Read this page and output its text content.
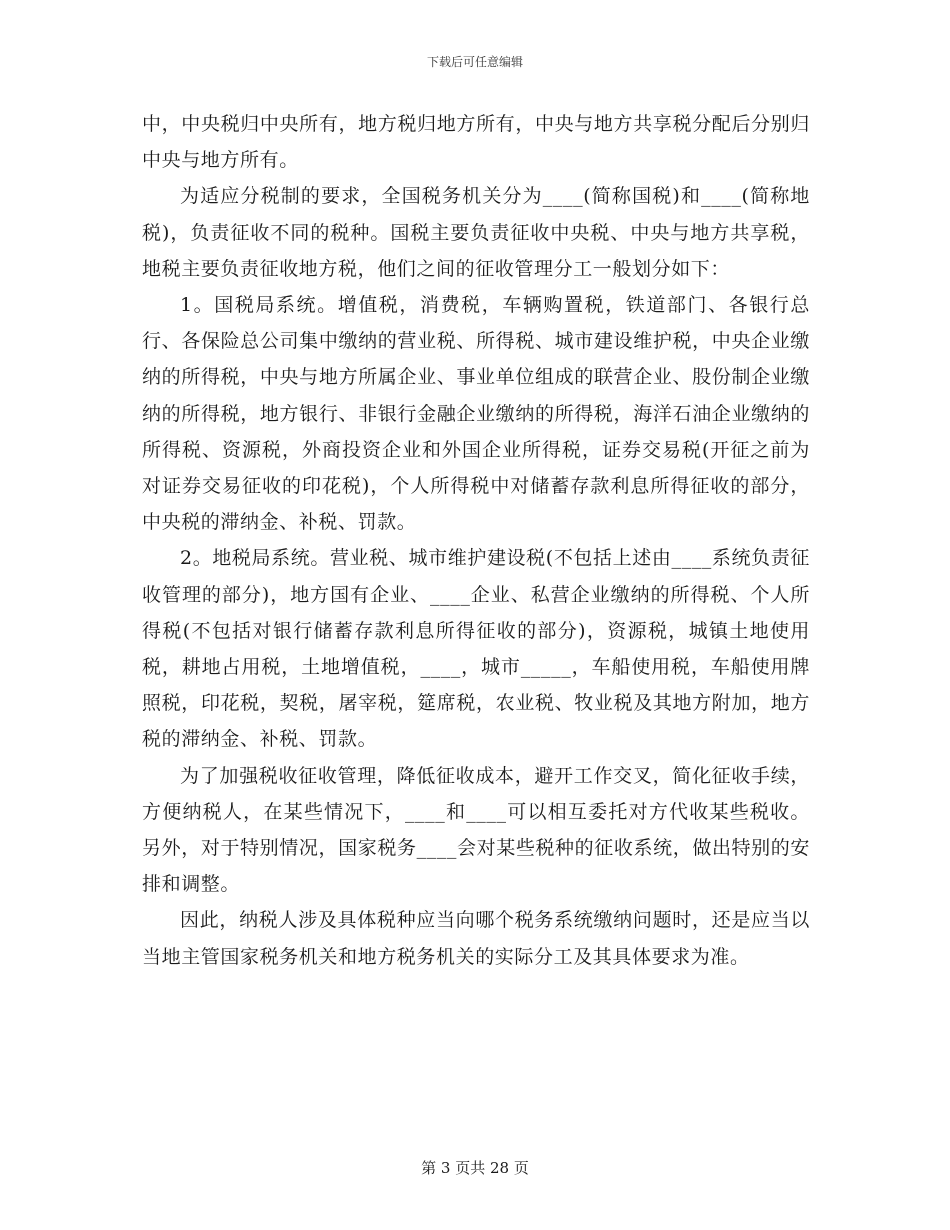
下载后可任意编辑

中，中央税归中央所有，地方税归地方所有，中央与地方共享税分配后分别归中央与地方所有。

为适应分税制的要求，全国税务机关分为____(简称国税)和____(简称地税)，负责征收不同的税种。国税主要负责征收中央税、中央与地方共享税，地税主要负责征收地方税，他们之间的征收管理分工一般划分如下：

1。国税局系统。增值税，消费税，车辆购置税，铁道部门、各银行总行、各保险总公司集中缴纳的营业税、所得税、城市建设维护税，中央企业缴纳的所得税，中央与地方所属企业、事业单位组成的联营企业、股份制企业缴纳的所得税，地方银行、非银行金融企业缴纳的所得税，海洋石油企业缴纳的所得税、资源税，外商投资企业和外国企业所得税，证券交易税(开征之前为对证券交易征收的印花税)，个人所得税中对储蓄存款利息所得征收的部分，中央税的滞纳金、补税、罚款。

2。地税局系统。营业税、城市维护建设税(不包括上述由____系统负责征收管理的部分)，地方国有企业、____企业、私营企业缴纳的所得税、个人所得税(不包括对银行储蓄存款利息所得征收的部分)，资源税，城镇土地使用税，耕地占用税，土地增值税，____，城市_____，车船使用税，车船使用牌照税，印花税，契税，屠宰税，筵席税，农业税、牧业税及其地方附加，地方税的滞纳金、补税、罚款。

为了加强税收征收管理，降低征收成本，避开工作交叉，简化征收手续，方便纳税人，在某些情况下，____和____可以相互委托对方代收某些税收。另外，对于特别情况，国家税务____会对某些税种的征收系统，做出特别的安排和调整。

因此，纳税人涉及具体税种应当向哪个税务系统缴纳问题时，还是应当以当地主管国家税务机关和地方税务机关的实际分工及其具体要求为准。

第 3 页共 28 页
